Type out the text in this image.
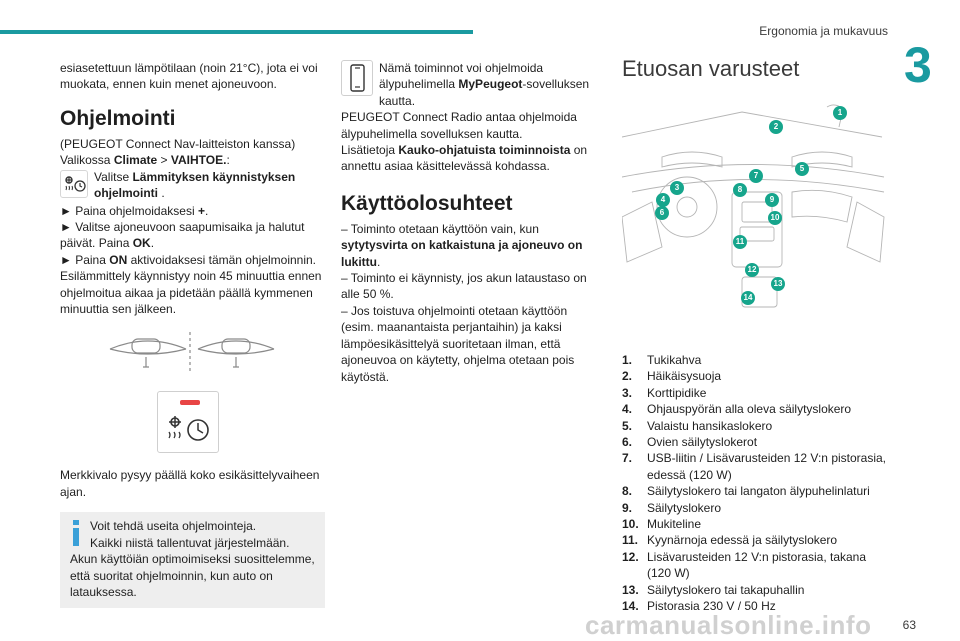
Ergonomia ja mukavuus
3

esiasetettuun lämpötilaan (noin 21°C), jota ei voi muokata, ennen kuin menet ajoneuvoon.

Ohjelmointi

(PEUGEOT Connect Nav-laitteiston kanssa)

Valikossa Climate > VAIHTOE.:

Valitse Lämmityksen käynnistyksen ohjelmointi .

► Paina ohjelmoidaksesi +.

► Valitse ajoneuvoon saapumisaika ja halutut päivät. Paina OK.

► Paina ON aktivoidaksesi tämän ohjelmoinnin.

Esilämmittely käynnistyy noin 45 minuuttia ennen ohjelmoitua aikaa ja pidetään päällä kymmenen minuuttia sen jälkeen.

Merkkivalo pysyy päällä koko esikäsittelyvaiheen ajan.

Voit tehdä useita ohjelmointeja.

Kaikki niistä tallentuvat järjestelmään.

Akun käyttöiän optimoimiseksi suosittelemme, että suoritat ohjelmoinnin, kun auto on latauksessa.

Nämä toiminnot voi ohjelmoida älypuhelimella MyPeugeot-sovelluksen kautta.

PEUGEOT Connect Radio antaa ohjelmoida älypuhelimella sovelluksen kautta.

Lisätietoja Kauko-ohjatuista toiminnoista on annettu asiaa käsittelevässä kohdassa.

Käyttöolosuhteet

– Toiminto otetaan käyttöön vain, kun sytytysvirta on katkaistuna ja ajoneuvo on lukittu.

– Toiminto ei käynnisty, jos akun lataustaso on alle 50 %.

– Jos toistuva ohjelmointi otetaan käyttöön (esim. maanantaista perjantaihin) ja kaksi lämpöesikäsittelyä suoritetaan ilman, että ajoneuvoa on käytetty, ohjelma otetaan pois käytöstä.

Etuosan varusteet
1. Tukikahva
2. Häikäisysuoja
3. Korttipidike
4. Ohjauspyörän alla oleva säilytyslokero
5. Valaistu hansikaslokero
6. Ovien säilytyslokerot
7. USB-liitin / Lisävarusteiden 12 V:n pistorasia, edessä (120 W)
8. Säilytyslokero tai langaton älypuhelinlaturi
9. Säilytyslokero
10. Mukiteline
11. Kyynärnoja edessä ja säilytyslokero
12. Lisävarusteiden 12 V:n pistorasia, takana (120 W)
13. Säilytyslokero tai takapuhallin
14. Pistorasia 230 V / 50 Hz
1
2
3
4
5
6
7
8
9
10
11
12
13
14
63
carmanualsonline.info
